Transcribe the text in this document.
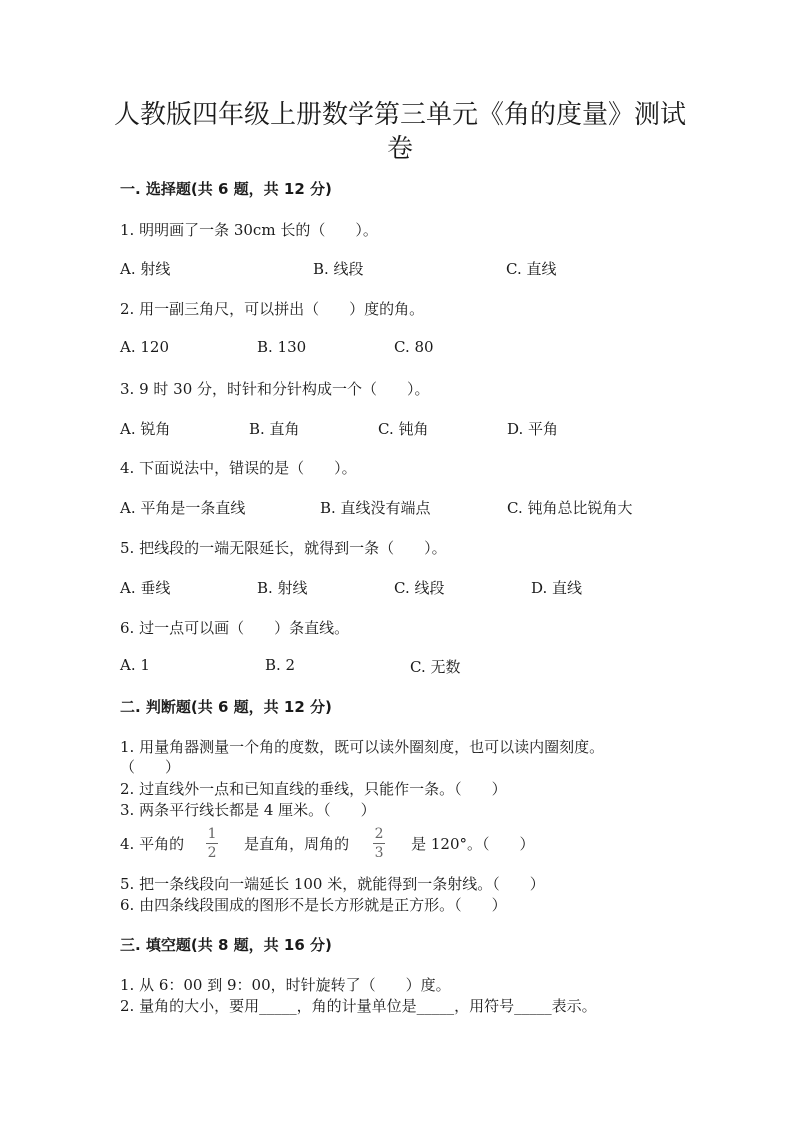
人教版四年级上册数学第三单元《角的度量》测试
卷
一. 选择题(共 6 题，共 12 分)
1. 明明画了一条 30cm 长的（　　）。
A. 射线	B. 线段	C. 直线
2. 用一副三角尺，可以拼出（　　）度的角。
A. 120	B. 130	C. 80
3. 9 时 30 分，时针和分针构成一个（　　）。
A. 锐角	B. 直角	C. 钝角	D. 平角
4. 下面说法中，错误的是（　　）。
A. 平角是一条直线	B. 直线没有端点	C. 钝角总比锐角大
5. 把线段的一端无限延长，就得到一条（　　）。
A. 垂线	B. 射线	C. 线段	D. 直线
6. 过一点可以画（　　）条直线。
A. 1	B. 2	C. 无数
二. 判断题(共 6 题，共 12 分)
1. 用量角器测量一个角的度数，既可以读外圈刻度，也可以读内圈刻度。
（　　）
2. 过直线外一点和已知直线的垂线，只能作一条。（　　）
3. 两条平行线长都是 4 厘米。（　　）
4. 平角的 $\frac{1}{2}$ 是直角，周角的 $\frac{2}{3}$ 是 120°。（　　）
5. 把一条线段向一端延长 100 米，就能得到一条射线。（　　）
6. 由四条线段围成的图形不是长方形就是正方形。（　　）
三. 填空题(共 8 题，共 16 分)
1. 从 6：00 到 9：00，时针旋转了（　　）度。
2. 量角的大小，要用_____，角的计量单位是_____，用符号_____表示。
